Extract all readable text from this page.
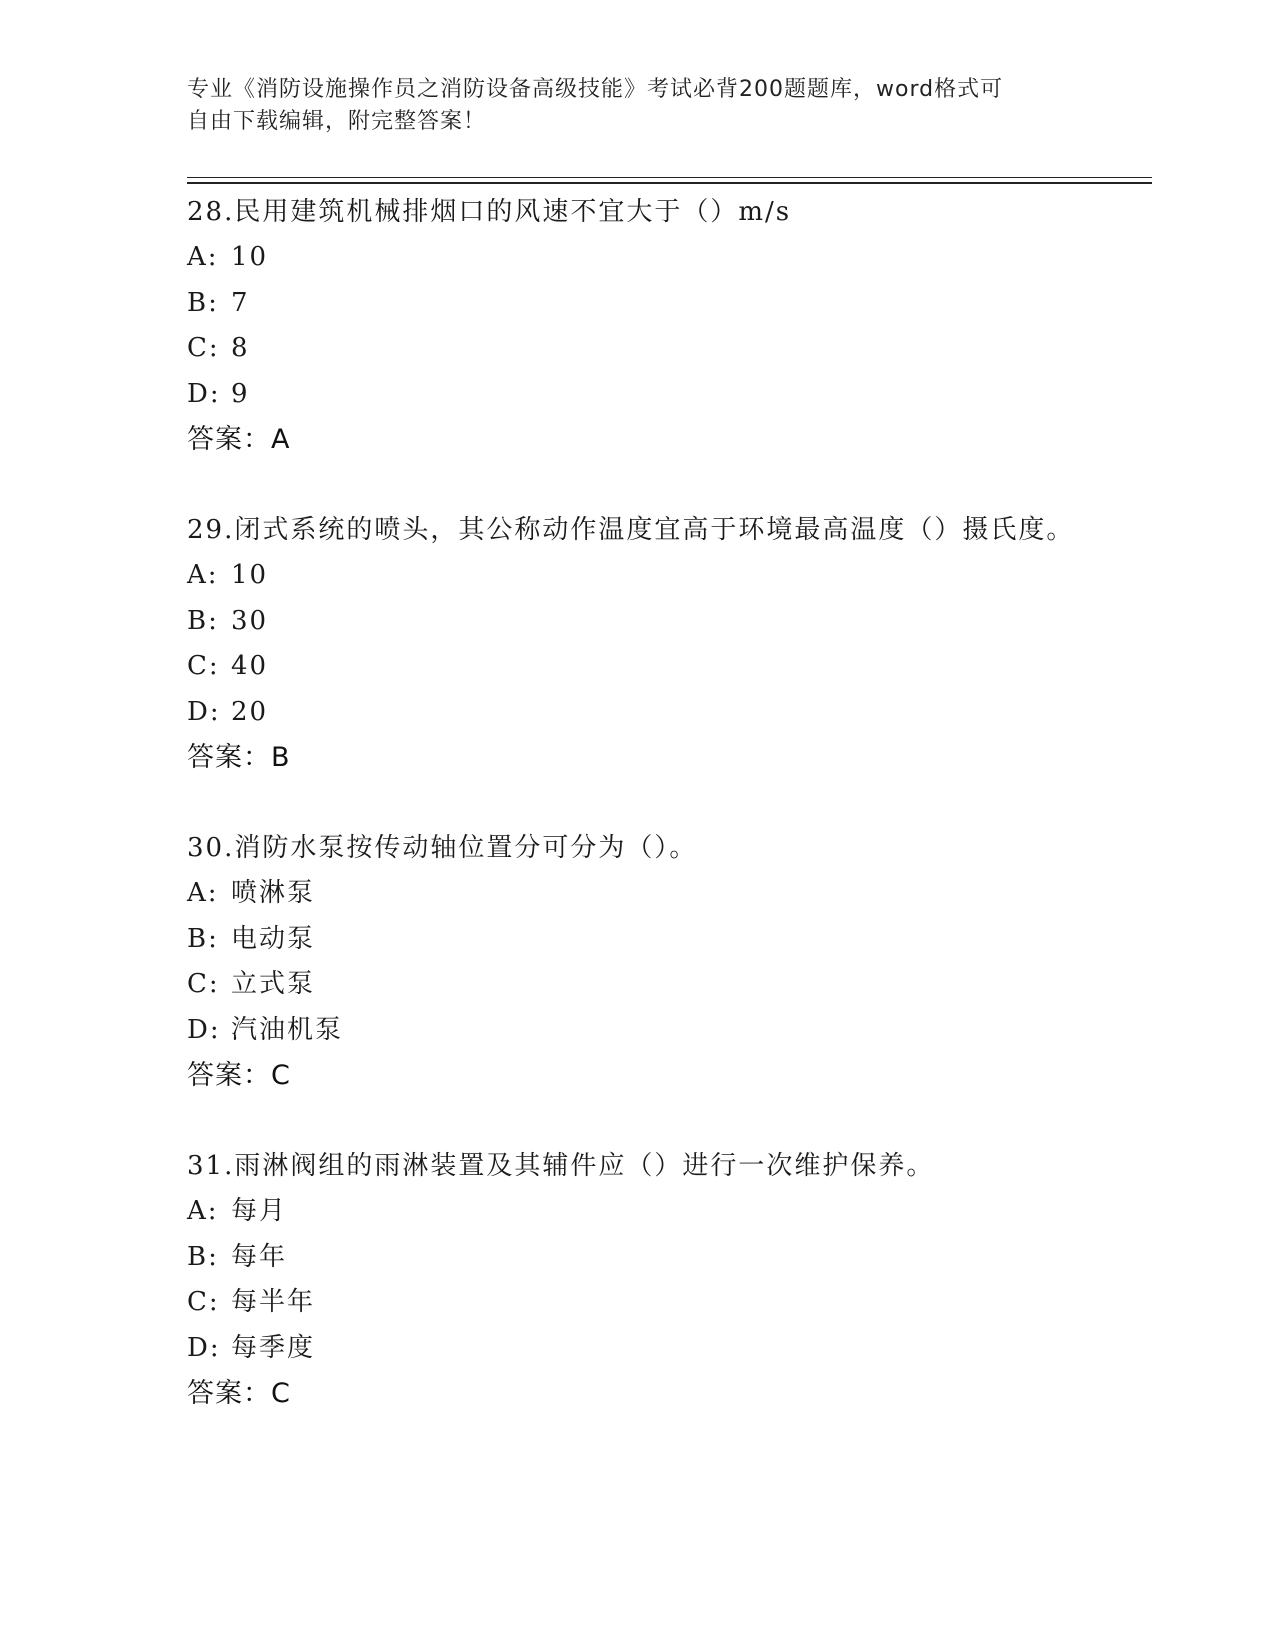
专业《消防设施操作员之消防设备高级技能》考试必背200题题库，word格式可
自由下载编辑，附完整答案！
28.民用建筑机械排烟口的风速不宜大于（）m/s
A: 10
B: 7
C: 8
D: 9
答案：A
29.闭式系统的喷头，其公称动作温度宜高于环境最高温度（）摄氏度。
A: 10
B: 30
C: 40
D: 20
答案：B
30.消防水泵按传动轴位置分可分为（）。
A: 喷淋泵
B: 电动泵
C: 立式泵
D: 汽油机泵
答案：C
31.雨淋阀组的雨淋装置及其辅件应（）进行一次维护保养。
A: 每月
B: 每年
C: 每半年
D: 每季度
答案：C
